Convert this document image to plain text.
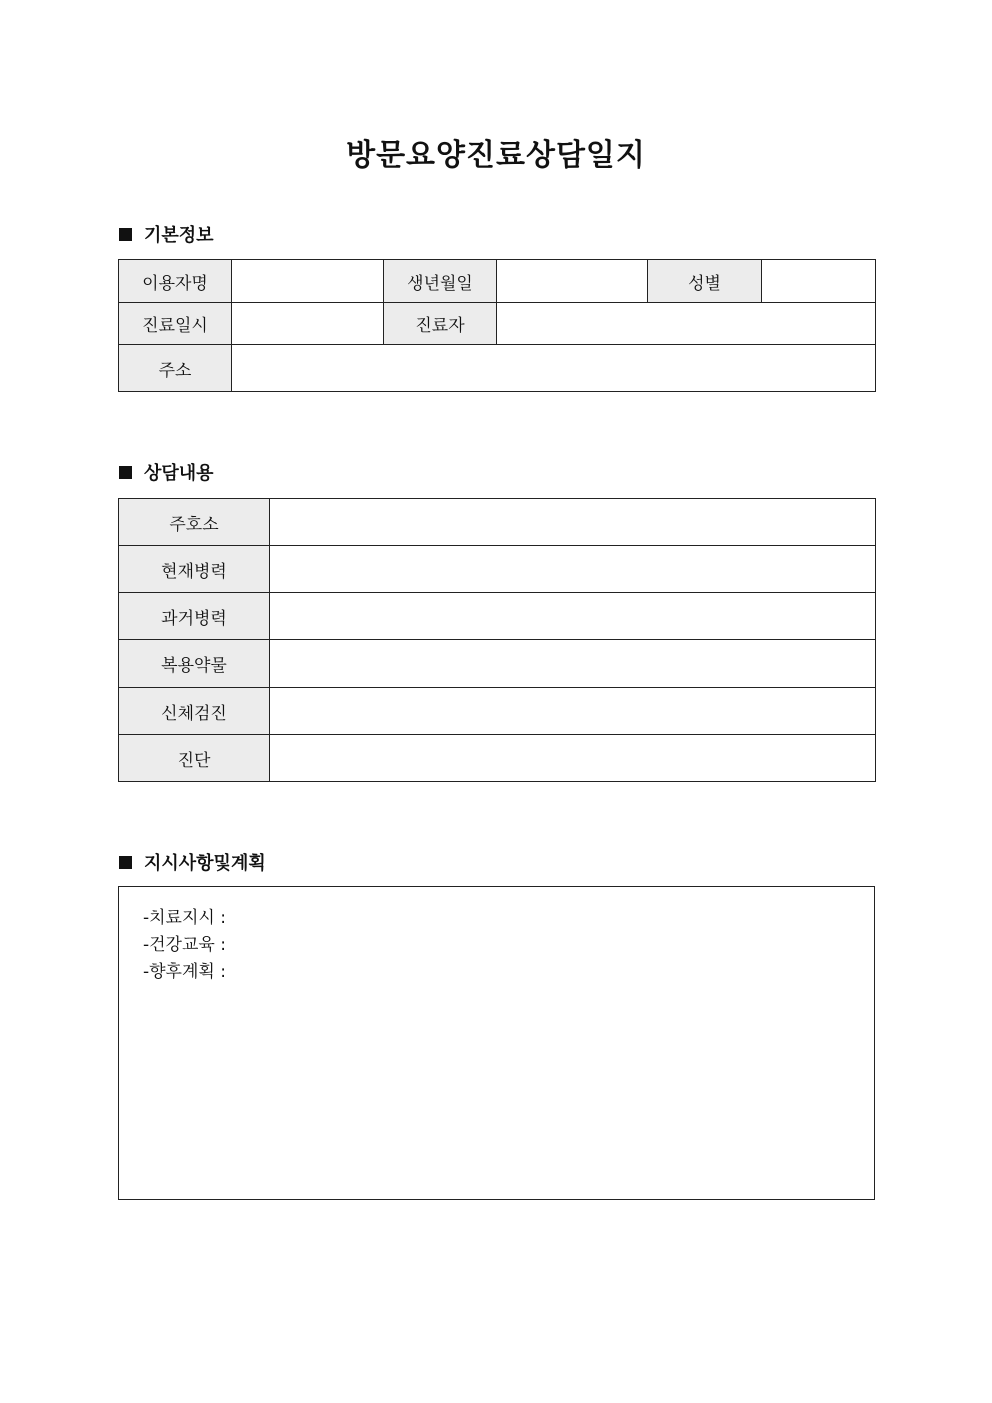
방문요양진료상담일지
기본정보
이용자명		생년월일		성별	
진료일시		진료자			
주소					
상담내용
주호소	
현재병력	
과거병력	
복용약물	
신체검진	
진단	
지시사항및계획
-치료지시 :
-건강교육 :
-향후계획 :
